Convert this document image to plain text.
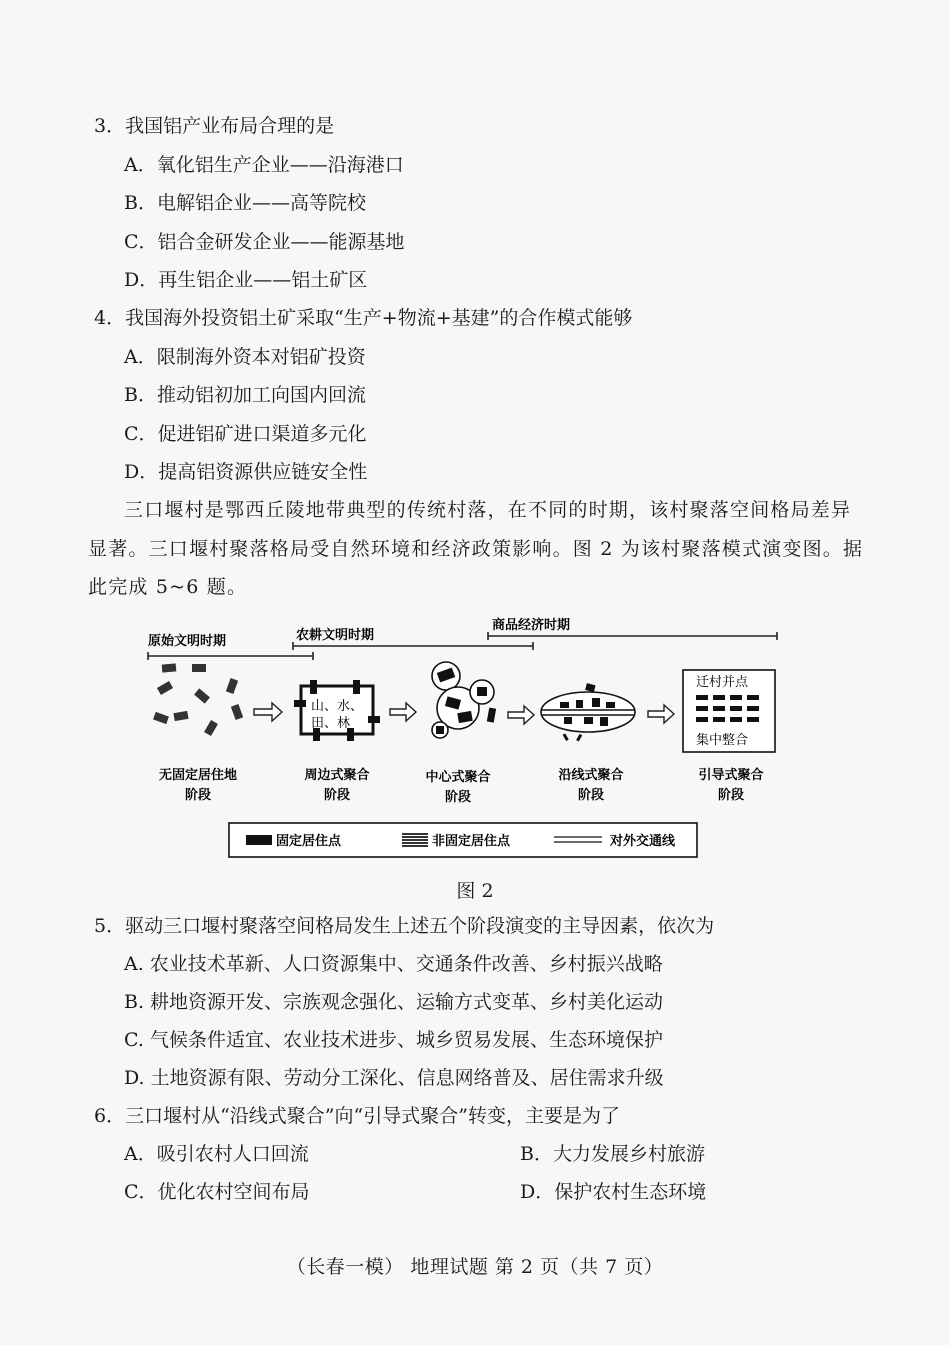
3．我国铝产业布局合理的是
A．氧化铝生产企业——沿海港口
B．电解铝企业——高等院校
C．铝合金研发企业——能源基地
D．再生铝企业——铝土矿区
4．我国海外投资铝土矿采取“生产+物流+基建”的合作模式能够
A．限制海外资本对铝矿投资
B．推动铝初加工向国内回流
C．促进铝矿进口渠道多元化
D．提高铝资源供应链安全性
三口堰村是鄂西丘陵地带典型的传统村落，在不同的时期，该村聚落空间格局差异
显著。三口堰村聚落格局受自然环境和经济政策影响。图 2 为该村聚落模式演变图。据
此完成 5~6 题。
原始文明时期	农耕文明时期
商品经济时期
山、水、
田、林
迁村并点
集中整合
无固定居住地
阶段
周边式聚合
阶段
中心式聚合
阶段
沿线式聚合
阶段
引导式聚合
阶段
固定居住点	非固定居住点	对外交通线
图 2
5．驱动三口堰村聚落空间格局发生上述五个阶段演变的主导因素，依次为
A. 农业技术革新、人口资源集中、交通条件改善、乡村振兴战略
B. 耕地资源开发、宗族观念强化、运输方式变革、乡村美化运动
C. 气候条件适宜、农业技术进步、城乡贸易发展、生态环境保护
D. 土地资源有限、劳动分工深化、信息网络普及、居住需求升级
6．三口堰村从“沿线式聚合”向“引导式聚合”转变，主要是为了
A．吸引农村人口回流	B．大力发展乡村旅游
C．优化农村空间布局	D．保护农村生态环境
（长春一模） 地理试题 第 2 页（共 7 页）
